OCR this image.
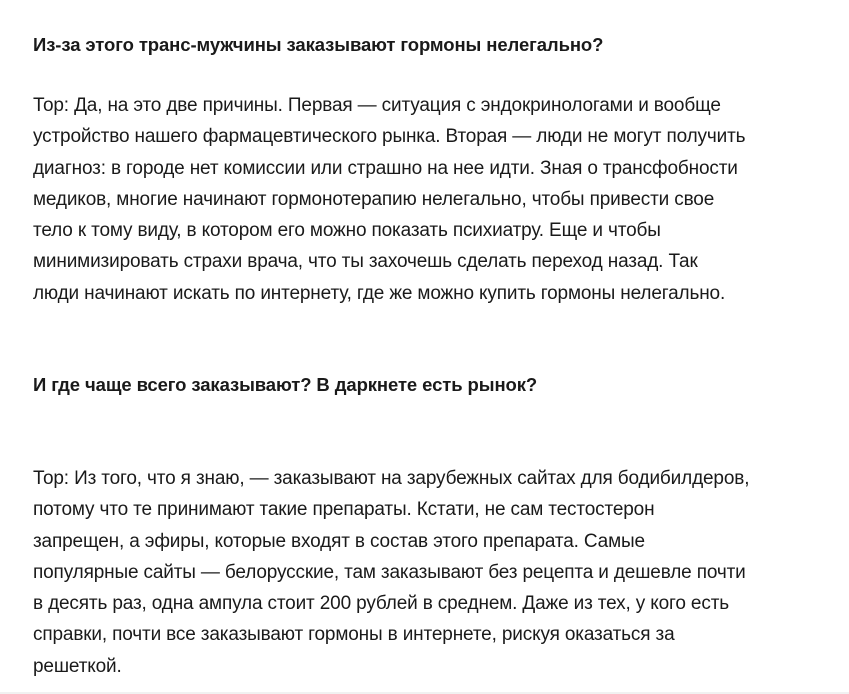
Из-за этого транс-мужчины заказывают гормоны нелегально?

Тор: Да, на это две причины. Первая — ситуация с эндокринологами и вообще
устройство нашего фармацевтического рынка. Вторая — люди не могут получить
диагноз: в городе нет комиссии или страшно на нее идти. Зная о трансфобности
медиков, многие начинают гормонотерапию нелегально, чтобы привести свое
тело к тому виду, в котором его можно показать психиатру. Еще и чтобы
минимизировать страхи врача, что ты захочешь сделать переход назад. Так
люди начинают искать по интернету, где же можно купить гормоны нелегально.

И где чаще всего заказывают? В даркнете есть рынок?

Тор: Из того, что я знаю, — заказывают на зарубежных сайтах для бодибилдеров,
потому что те принимают такие препараты. Кстати, не сам тестостерон
запрещен, а эфиры, которые входят в состав этого препарата. Самые
популярные сайты — белорусские, там заказывают без рецепта и дешевле почти
в десять раз, одна ампула стоит 200 рублей в среднем. Даже из тех, у кого есть
справки, почти все заказывают гормоны в интернете, рискуя оказаться за
решеткой.
